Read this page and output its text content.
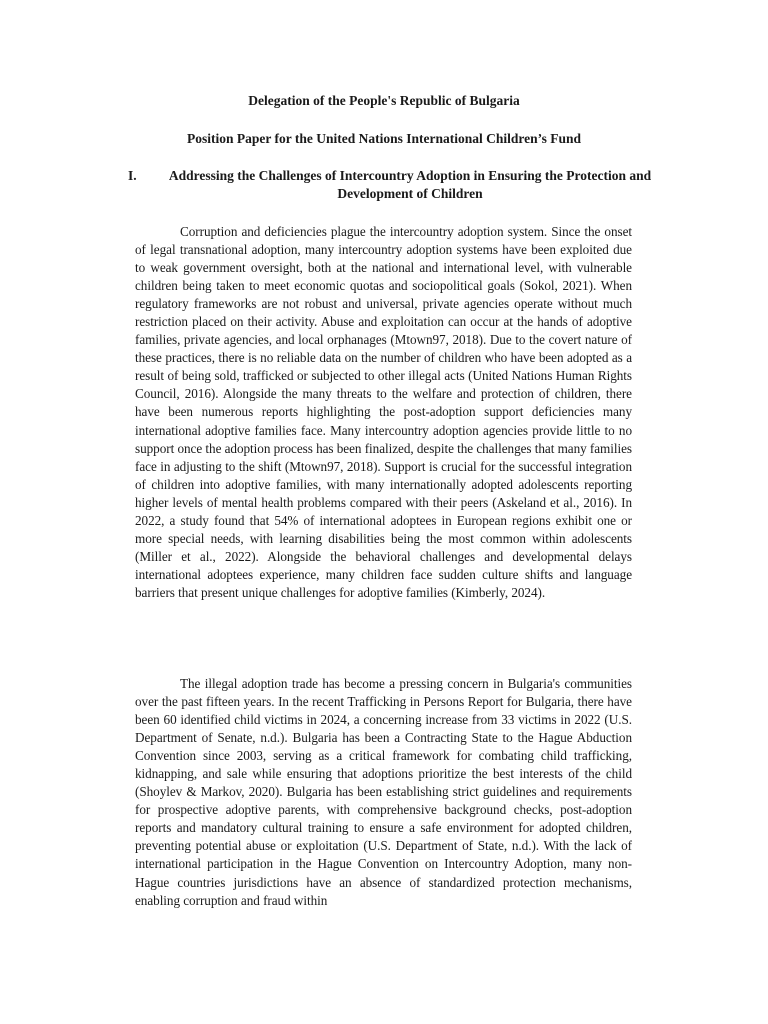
Delegation of the People's Republic of Bulgaria

Position Paper for the United Nations International Children’s Fund

I.	Addressing the Challenges of Intercountry Adoption in Ensuring the Protection and Development of Children

Corruption and deficiencies plague the intercountry adoption system. Since the onset of legal transnational adoption, many intercountry adoption systems have been exploited due to weak government oversight, both at the national and international level, with vulnerable children being taken to meet economic quotas and sociopolitical goals (Sokol, 2021). When regulatory frameworks are not robust and universal, private agencies operate without much restriction placed on their activity. Abuse and exploitation can occur at the hands of adoptive families, private agencies, and local orphanages (Mtown97, 2018). Due to the covert nature of these practices, there is no reliable data on the number of children who have been adopted as a result of being sold, trafficked or subjected to other illegal acts (United Nations Human Rights Council, 2016). Alongside the many threats to the welfare and protection of children, there have been numerous reports highlighting the post-adoption support deficiencies many international adoptive families face. Many intercountry adoption agencies provide little to no support once the adoption process has been finalized, despite the challenges that many families face in adjusting to the shift (Mtown97, 2018). Support is crucial for the successful integration of children into adoptive families, with many internationally adopted adolescents reporting higher levels of mental health problems compared with their peers (Askeland et al., 2016). In 2022, a study found that 54% of international adoptees in European regions exhibit one or more special needs, with learning disabilities being the most common within adolescents (Miller et al., 2022). Alongside the behavioral challenges and developmental delays international adoptees experience, many children face sudden culture shifts and language barriers that present unique challenges for adoptive families (Kimberly, 2024).

The illegal adoption trade has become a pressing concern in Bulgaria's communities over the past fifteen years. In the recent Trafficking in Persons Report for Bulgaria, there have been 60 identified child victims in 2024, a concerning increase from 33 victims in 2022 (U.S. Department of Senate, n.d.). Bulgaria has been a Contracting State to the Hague Abduction Convention since 2003, serving as a critical framework for combating child trafficking, kidnapping, and sale while ensuring that adoptions prioritize the best interests of the child (Shoylev & Markov, 2020). Bulgaria has been establishing strict guidelines and requirements for prospective adoptive parents, with comprehensive background checks, post-adoption reports and mandatory cultural training to ensure a safe environment for adopted children, preventing potential abuse or exploitation (U.S. Department of State, n.d.). With the lack of international participation in the Hague Convention on Intercountry Adoption, many non-Hague countries jurisdictions have an absence of standardized protection mechanisms, enabling corruption and fraud within
